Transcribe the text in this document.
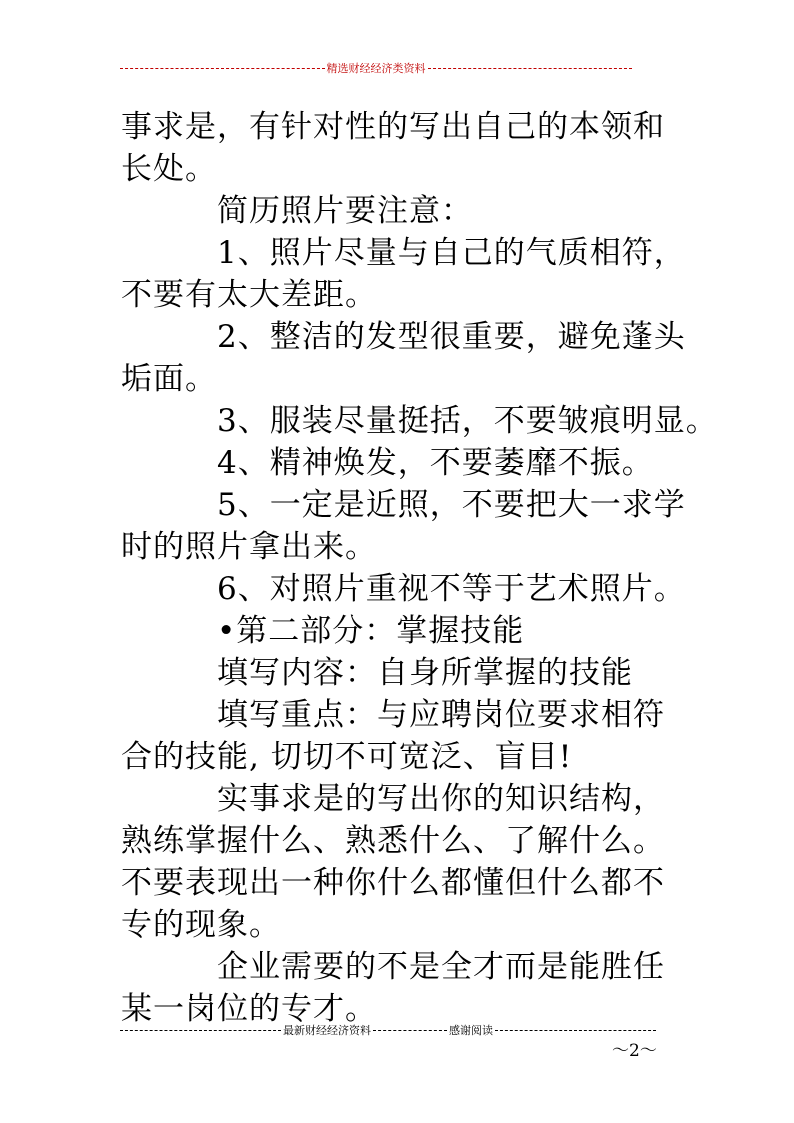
精选财经经济类资料

事求是，有针对性的写出自己的本领和

长处。

简历照片要注意：

1、照片尽量与自己的气质相符，

不要有太大差距。

2、整洁的发型很重要，避免蓬头

垢面。

3、服装尽量挺括，不要皱痕明显。

4、精神焕发，不要萎靡不振。

5、一定是近照，不要把大一求学

时的照片拿出来。

6、对照片重视不等于艺术照片。

•第二部分：掌握技能

填写内容：自身所掌握的技能

填写重点：与应聘岗位要求相符

合的技能, 切切不可宽泛、盲目!

实事求是的写出你的知识结构，

熟练掌握什么、熟悉什么、了解什么。

不要表现出一种你什么都懂但什么都不

专的现象。

企业需要的不是全才而是能胜任

某一岗位的专才。

最新财经经济资料	感谢阅读
～2～
